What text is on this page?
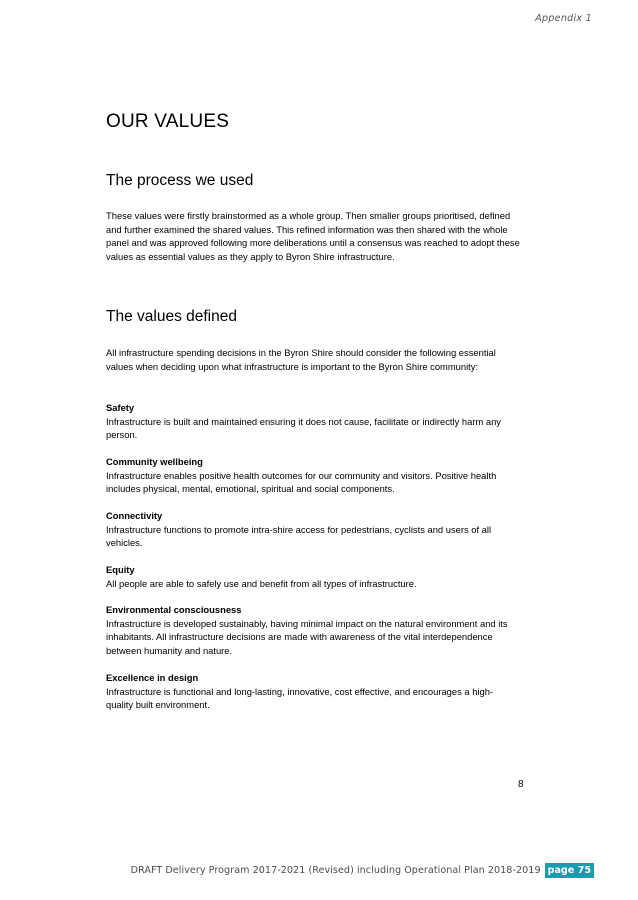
Appendix 1
OUR VALUES
The process we used

These values were firstly brainstormed as a whole group. Then smaller groups prioritised, defined and further examined the shared values. This refined information was then shared with the whole panel and was approved following more deliberations until a consensus was reached to adopt these values as essential values as they apply to Byron Shire infrastructure.

The values defined

All infrastructure spending decisions in the Byron Shire should consider the following essential values when deciding upon what infrastructure is important to the Byron Shire community:

Safety
Infrastructure is built and maintained ensuring it does not cause, facilitate or indirectly harm any person.
Community wellbeing
Infrastructure enables positive health outcomes for our community and visitors. Positive health includes physical, mental, emotional, spiritual and social components.
Connectivity
Infrastructure functions to promote intra-shire access for pedestrians, cyclists and users of all vehicles.
Equity
All people are able to safely use and benefit from all types of infrastructure.
Environmental consciousness
Infrastructure is developed sustainably, having minimal impact on the natural environment and its inhabitants. All infrastructure decisions are made with awareness of the vital interdependence between humanity and nature.
Excellence in design
Infrastructure is functional and long-lasting, innovative, cost effective, and encourages a high-quality built environment.
8
DRAFT Delivery Program 2017-2021 (Revised) including Operational Plan 2018-2019 page 75
